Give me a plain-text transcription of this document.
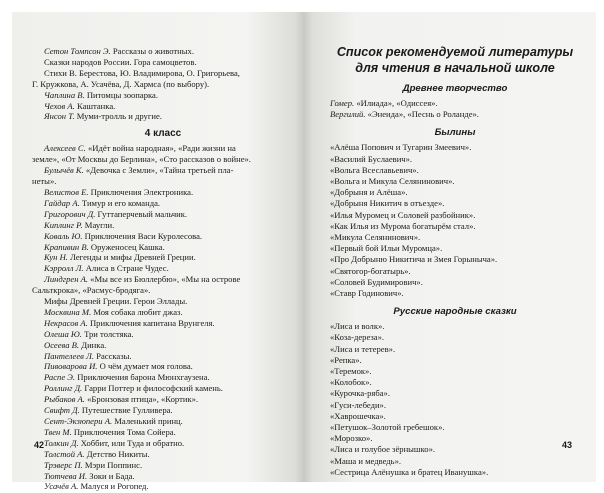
Сетон Томпсон Э. Рассказы о животных.
Сказки народов России. Гора самоцветов.
Стихи В. Берестова, Ю. Владимирова, О. Григорьева,
Г. Кружкова, А. Усачёва, Д. Хармса (по выбору).
Чаплина В. Питомцы зоопарка.
Чехов А. Каштанка.
Янсон Т. Муми-тролль и другие.
4 класс
Алексеев С. «Идёт война народная», «Ради жизни на
земле», «От Москвы до Берлина», «Сто рассказов о войне».
Булычёв К. «Девочка с Земли», «Тайна третьей пла-
неты».
Велистов Е. Приключения Электроника.
Гайдар А. Тимур и его команда.
Григорович Д. Гуттаперчевый мальчик.
Киплинг Р. Маугли.
Коваль Ю. Приключения Васи Куролесова.
Крапивин В. Оруженосец Кашка.
Кун Н. Легенды и мифы Древней Греции.
Кэрролл Л. Алиса в Стране Чудес.
Линдгрен А. «Мы все из Бюллербю», «Мы на острове
Сальткрока», «Расмус-бродяга».
Мифы Древней Греции. Герои Эллады.
Москвина М. Моя собака любит джаз.
Некрасов А. Приключения капитана Врунгеля.
Олеша Ю. Три толстяка.
Осеева В. Динка.
Пантелеев Л. Рассказы.
Пивоварова И. О чём думает моя голова.
Распе Э. Приключения барона Мюнхгаузена.
Роллинг Д. Гарри Поттер и философский камень.
Рыбаков А. «Бронзовая птица», «Кортик».
Свифт Д. Путешествие Гулливера.
Сент-Экзюпери А. Маленький принц.
Твен М. Приключения Тома Сойера.
Толкин Д. Хоббит, или Туда и обратно.
Толстой А. Детство Никиты.
Трэверс П. Мэри Поппинс.
Тютчева И. Зоки и Бада.
Усачёв А. Малуся и Рогопед.
42
Список рекомендуемой литературы
для чтения в начальной школе
Древнее творчество
Гомер. «Илиада», «Одиссея».
Вергилий. «Энеида», «Песнь о Роланде».
Былины
«Алёша Попович и Тугарин Змеевич».
«Василий Буслаевич».
«Вольга Всеславьевич».
«Вольга и Микула Селянинович».
«Добрыня и Алёша».
«Добрыня Никитич в отъезде».
«Илья Муромец и Соловей разбойник».
«Как Илья из Мурома богатырём стал».
«Микула Селянинович».
«Первый бой Ильи Муромца».
«Про Добрыню Никитича и Змея Горыныча».
«Святогор-богатырь».
«Соловей Будимирович».
«Ставр Годинович».
Русские народные сказки
«Лиса и волк».
«Коза-дереза».
«Лиса и тетерев».
«Репка».
«Теремок».
«Колобок».
«Курочка-ряба».
«Гуси-лебеди».
«Хаврошечка».
«Петушок–Золотой гребешок».
«Морозко».
«Лиса и голубое зёрнышко».
«Маша и медведь».
«Сестрица Алёнушка и братец Иванушка».
43
